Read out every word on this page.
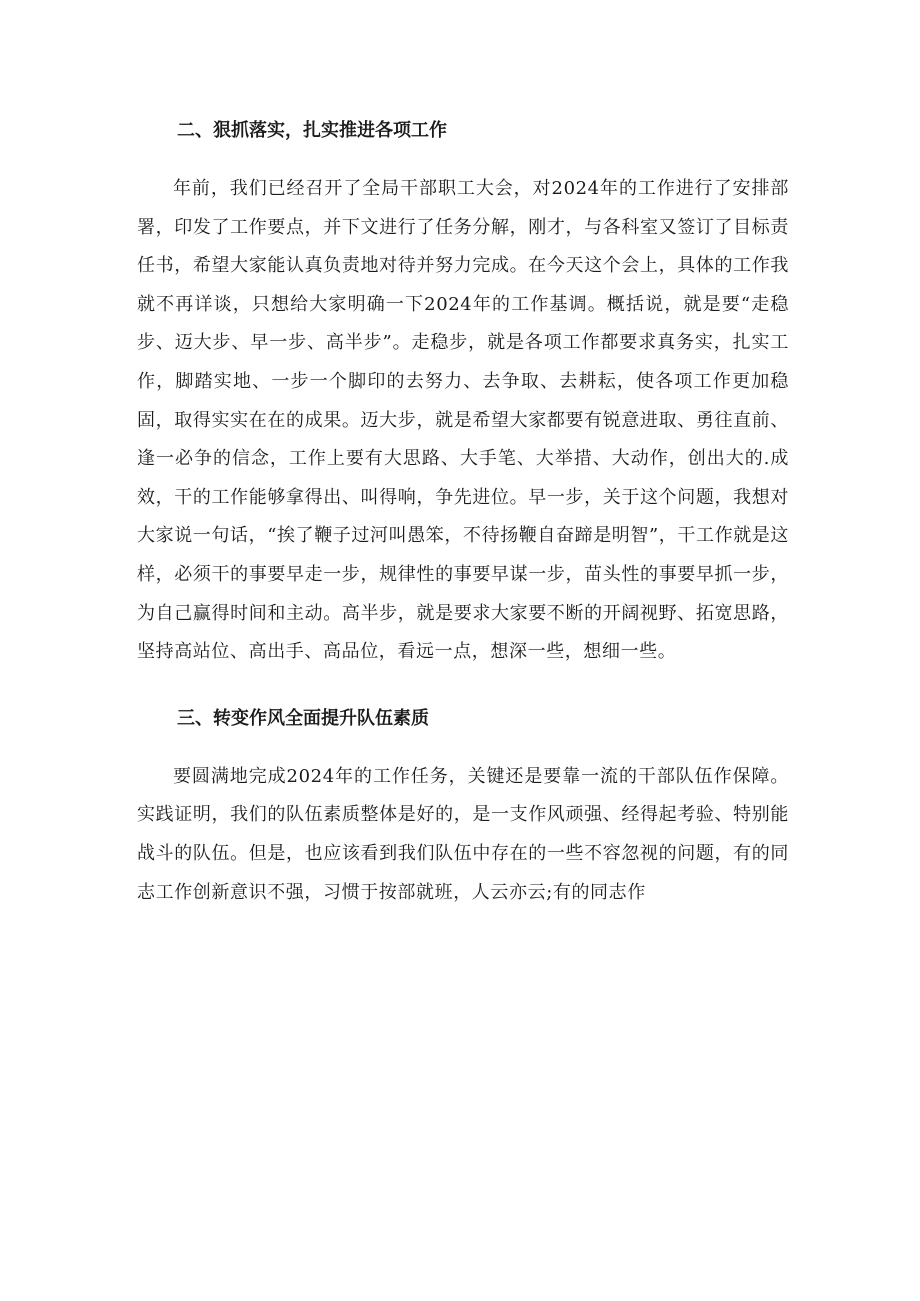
二、狠抓落实，扎实推进各项工作

年前，我们已经召开了全局干部职工大会，对2024年的工作进行了安排部署，印发了工作要点，并下文进行了任务分解，刚才，与各科室又签订了目标责任书，希望大家能认真负责地对待并努力完成。在今天这个会上，具体的工作我就不再详谈，只想给大家明确一下2024年的工作基调。概括说，就是要“走稳步、迈大步、早一步、高半步”。走稳步，就是各项工作都要求真务实，扎实工作，脚踏实地、一步一个脚印的去努力、去争取、去耕耘，使各项工作更加稳固，取得实实在在的成果。迈大步，就是希望大家都要有锐意进取、勇往直前、逢一必争的信念，工作上要有大思路、大手笔、大举措、大动作，创出大的.成效，干的工作能够拿得出、叫得响，争先进位。早一步，关于这个问题，我想对大家说一句话，“挨了鞭子过河叫愚笨，不待扬鞭自奋蹄是明智”，干工作就是这样，必须干的事要早走一步，规律性的事要早谋一步，苗头性的事要早抓一步，为自己赢得时间和主动。高半步，就是要求大家要不断的开阔视野、拓宽思路，坚持高站位、高出手、高品位，看远一点，想深一些，想细一些。

三、转变作风全面提升队伍素质

要圆满地完成2024年的工作任务，关键还是要靠一流的干部队伍作保障。实践证明，我们的队伍素质整体是好的，是一支作风顽强、经得起考验、特别能战斗的队伍。但是，也应该看到我们队伍中存在的一些不容忽视的问题，有的同志工作创新意识不强，习惯于按部就班，人云亦云;有的同志作
